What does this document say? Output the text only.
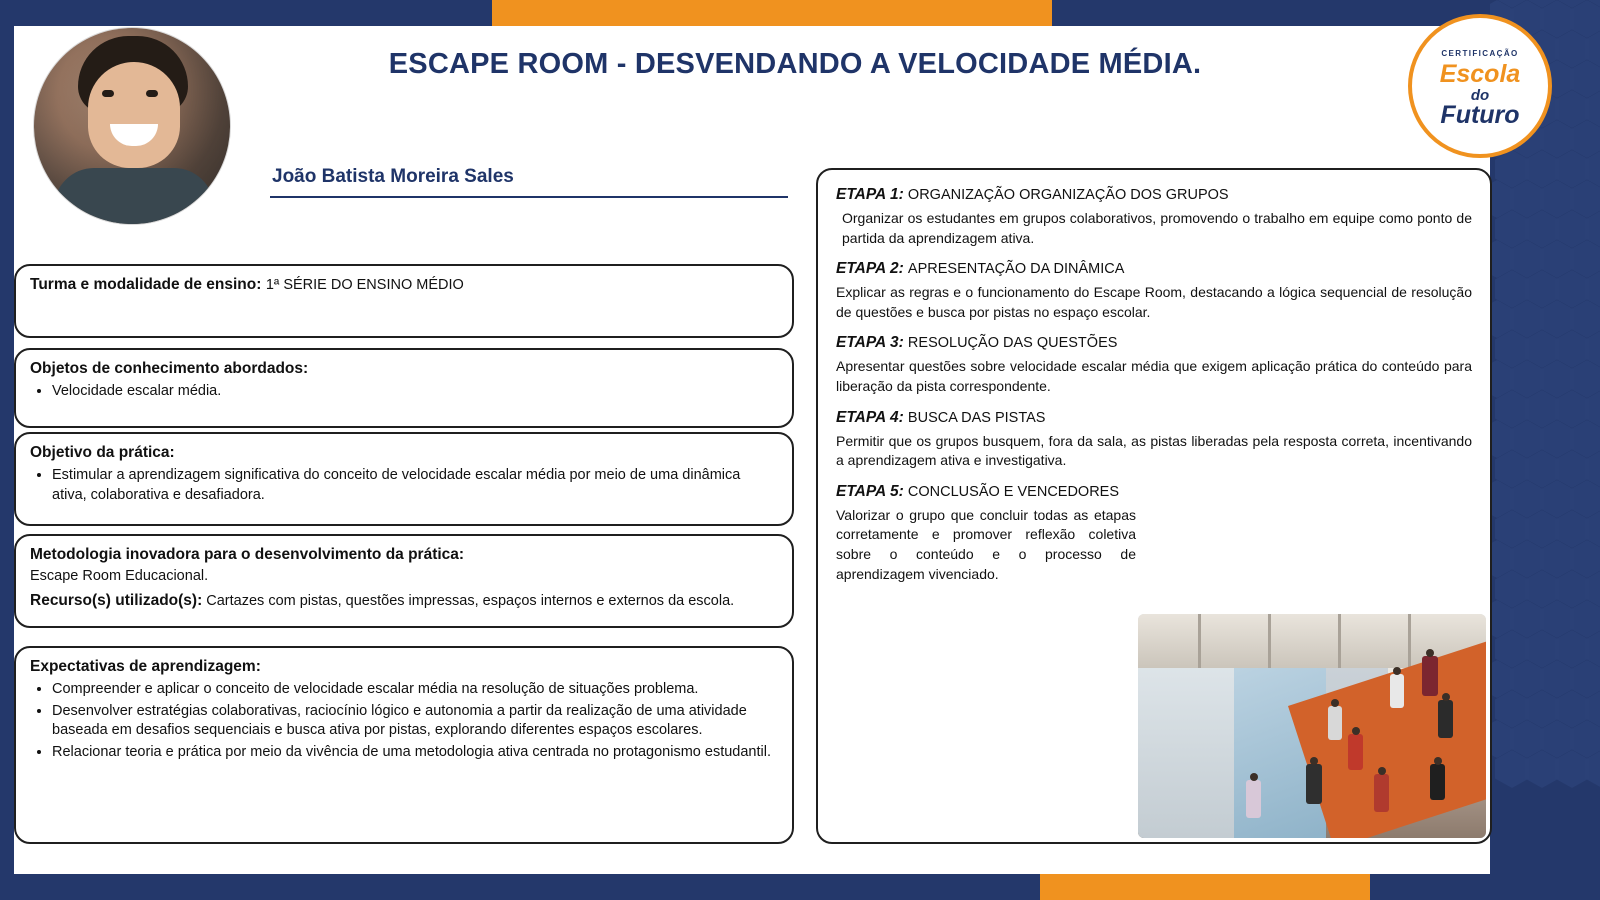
ESCAPE ROOM - DESVENDANDO A VELOCIDADE MÉDIA.
João Batista Moreira Sales
CERTIFICAÇÃO
Escola
do
Futuro
Turma e modalidade de ensino: 1ª SÉRIE DO ENSINO MÉDIO
Objetos de conhecimento abordados:
• Velocidade escalar média.
Objetivo da prática:
• Estimular a aprendizagem significativa do conceito de velocidade escalar média por meio de uma dinâmica ativa, colaborativa e desafiadora.
Metodologia inovadora para o desenvolvimento da prática:

Escape Room Educacional.

Recurso(s) utilizado(s): Cartazes com pistas, questões impressas, espaços internos e externos da escola.

Expectativas de aprendizagem:
• Compreender e aplicar o conceito de velocidade escalar média na resolução de situações problema.
• Desenvolver estratégias colaborativas, raciocínio lógico e autonomia a partir da realização de uma atividade baseada em desafios sequenciais e busca ativa por pistas, explorando diferentes espaços escolares.
• Relacionar teoria e prática por meio da vivência de uma metodologia ativa centrada no protagonismo estudantil.
ETAPA 1: ORGANIZAÇÃO ORGANIZAÇÃO DOS GRUPOS
Organizar os estudantes em grupos colaborativos, promovendo o trabalho em equipe como ponto de partida da aprendizagem ativa.
ETAPA 2: APRESENTAÇÃO DA DINÂMICA
Explicar as regras e o funcionamento do Escape Room, destacando a lógica sequencial de resolução de questões e busca por pistas no espaço escolar.
ETAPA 3: RESOLUÇÃO DAS QUESTÕES
Apresentar questões sobre velocidade escalar média que exigem aplicação prática do conteúdo para liberação da pista correspondente.
ETAPA 4: BUSCA DAS PISTAS
Permitir que os grupos busquem, fora da sala, as pistas liberadas pela resposta correta, incentivando a aprendizagem ativa e investigativa.
ETAPA 5: CONCLUSÃO E VENCEDORES
Valorizar o grupo que concluir todas as etapas corretamente e promover reflexão coletiva sobre o conteúdo e o processo de aprendizagem vivenciado.
